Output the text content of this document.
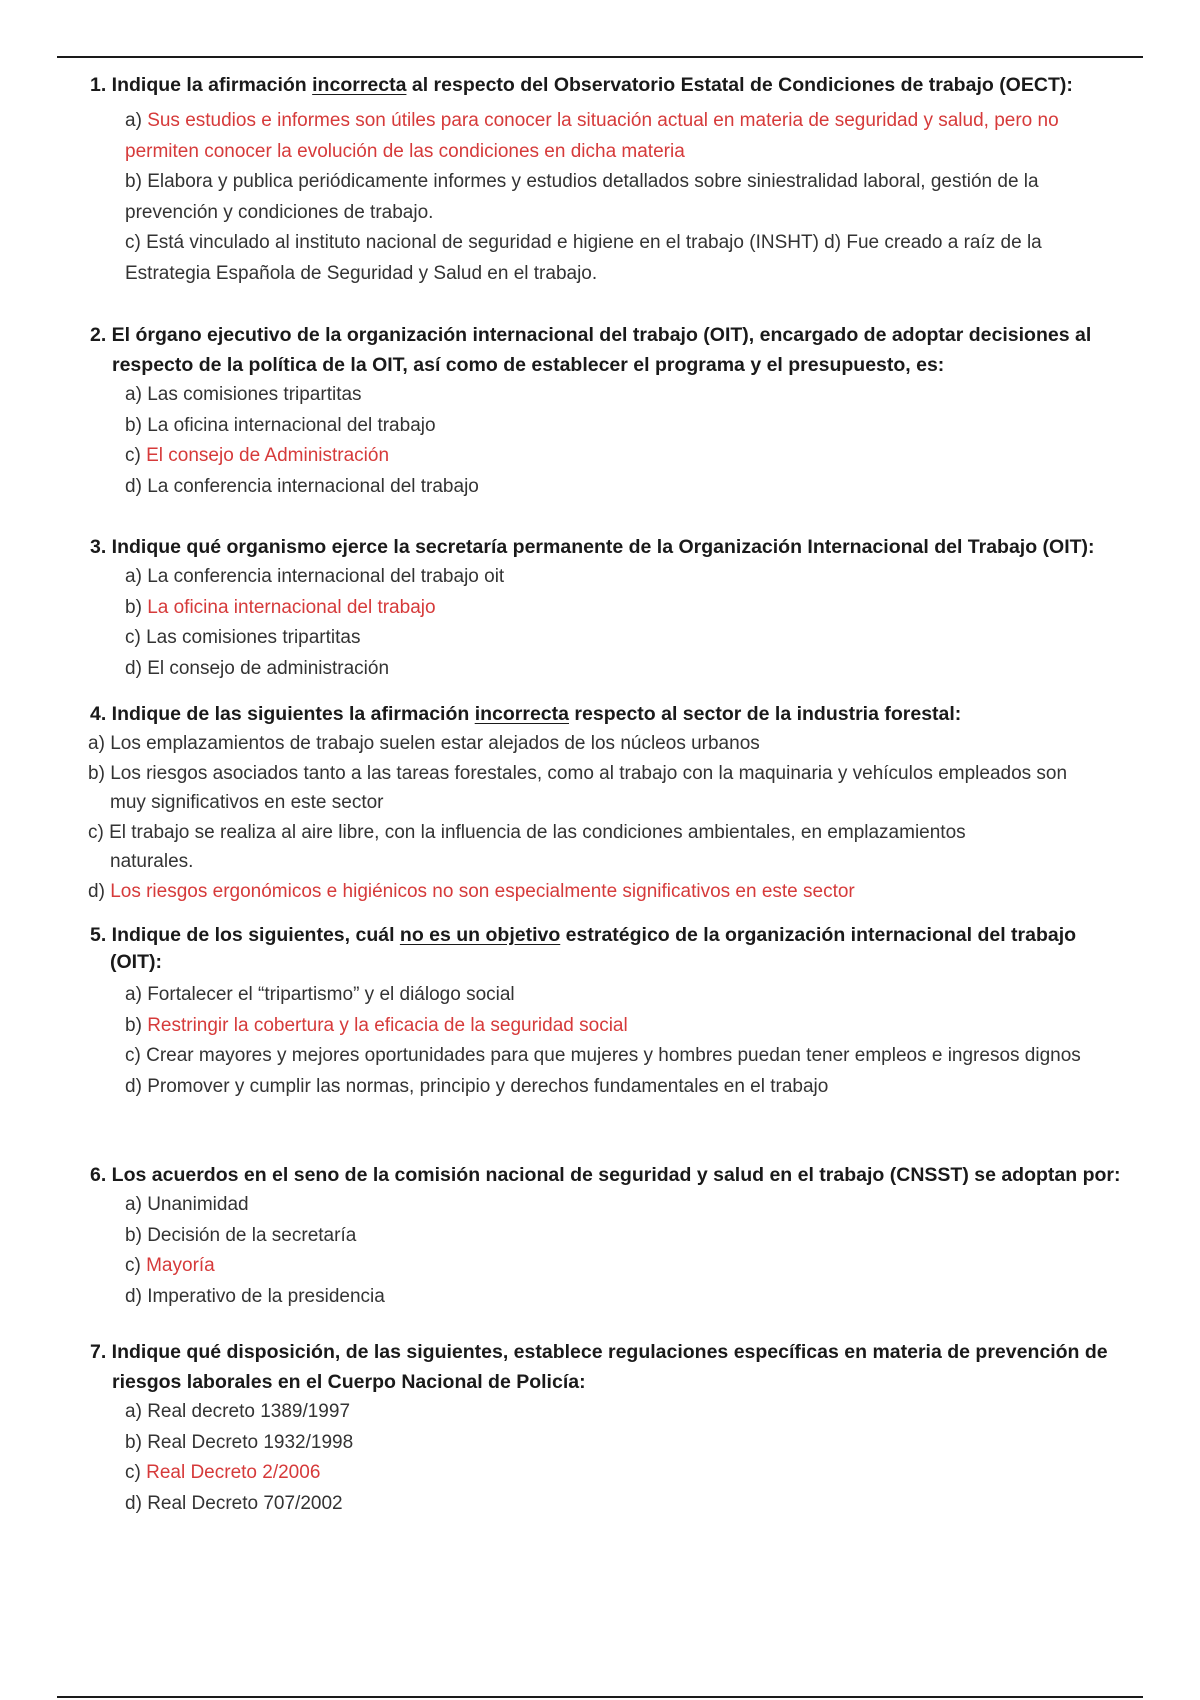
1. Indique la afirmación incorrecta al respecto del Observatorio Estatal de Condiciones de trabajo (OECT):
a) Sus estudios e informes son útiles para conocer la situación actual en materia de seguridad y salud, pero no permiten conocer la evolución de las condiciones en dicha materia
b) Elabora y publica periódicamente informes y estudios detallados sobre siniestralidad laboral, gestión de la prevención y condiciones de trabajo.
c) Está vinculado al instituto nacional de seguridad e higiene en el trabajo (INSHT) d) Fue creado a raíz de la Estrategia Española de Seguridad y Salud en el trabajo.
2. El órgano ejecutivo de la organización internacional del trabajo (OIT), encargado de adoptar decisiones al respecto de la política de la OIT, así como de establecer el programa y el presupuesto, es:
a) Las comisiones tripartitas
b) La oficina internacional del trabajo
c) El consejo de Administración
d) La conferencia internacional del trabajo
3. Indique qué organismo ejerce la secretaría permanente de la Organización Internacional del Trabajo (OIT):
a) La conferencia internacional del trabajo oit
b) La oficina internacional del trabajo
c) Las comisiones tripartitas
d) El consejo de administración
4. Indique de las siguientes la afirmación incorrecta respecto al sector de la industria forestal:
a) Los emplazamientos de trabajo suelen estar alejados de los núcleos urbanos
b) Los riesgos asociados tanto a las tareas forestales, como al trabajo con la maquinaria y vehículos empleados son muy significativos en este sector
c) El trabajo se realiza al aire libre, con la influencia de las condiciones ambientales, en emplazamientos naturales.
d) Los riesgos ergonómicos e higiénicos no son especialmente significativos en este sector
5. Indique de los siguientes, cuál no es un objetivo estratégico de la organización internacional del trabajo (OIT):
a) Fortalecer el “tripartismo” y el diálogo social
b) Restringir la cobertura y la eficacia de la seguridad social
c) Crear mayores y mejores oportunidades para que mujeres y hombres puedan tener empleos e ingresos dignos
d) Promover y cumplir las normas, principio y derechos fundamentales en el trabajo
6. Los acuerdos en el seno de la comisión nacional de seguridad y salud en el trabajo (CNSST) se adoptan por:
a) Unanimidad
b) Decisión de la secretaría
c) Mayoría
d) Imperativo de la presidencia
7. Indique qué disposición, de las siguientes, establece regulaciones específicas en materia de prevención de riesgos laborales en el Cuerpo Nacional de Policía:
a) Real decreto 1389/1997
b) Real Decreto 1932/1998
c) Real Decreto 2/2006
d) Real Decreto 707/2002
